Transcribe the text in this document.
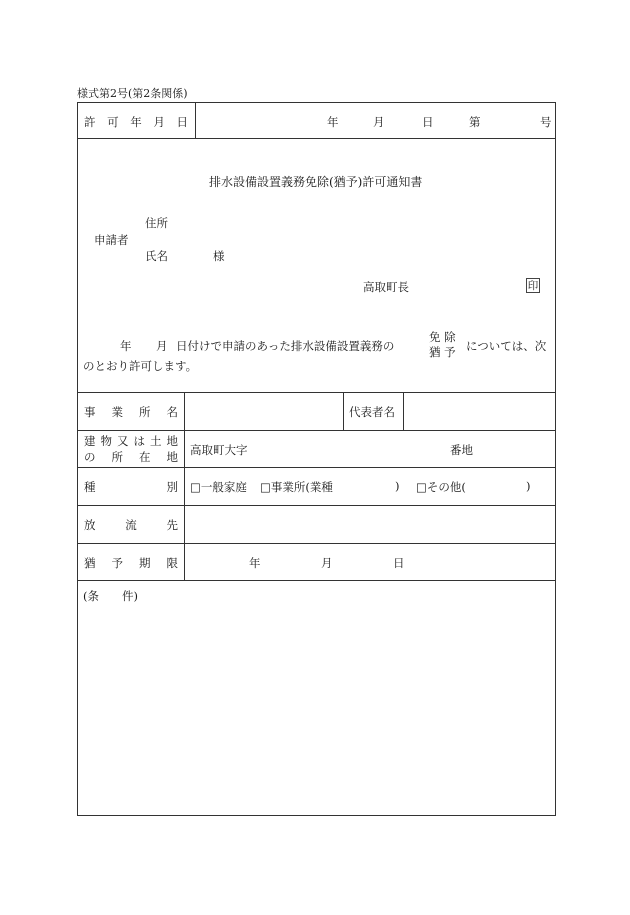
様式第2号(第2条関係)
許 可 年 月 日	年	月	日	第	号
排水設備設置義務免除(猶予)許可通知書
住所
申請者
氏名	様
高取町長	印
年 月 日付けで申請のあった排水設備設置義務の
免 除
猶 予 については、次
のとおり許可します。
事 業 所 名	代表者名
建 物 又 は 土 地
の 所 在 地 高取町大字	番地
種	別 □一般家庭 □事業所(業種	) □その他(	)
放	流	先
猶 予 期 限	年	月	日
(条　　件)
